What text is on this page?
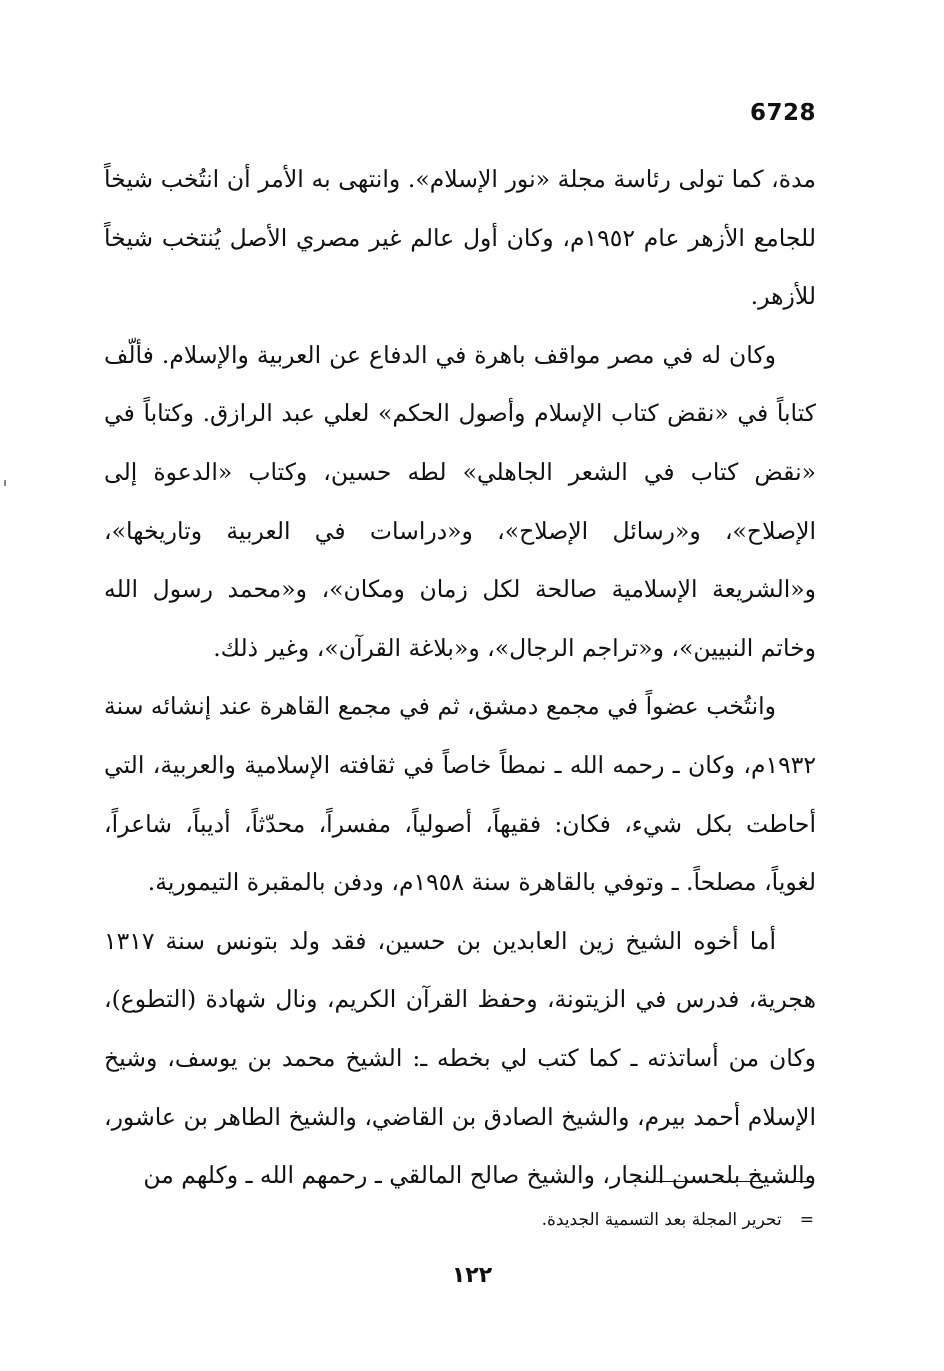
6728

مدة، كما تولى رئاسة مجلة «نور الإسلام». وانتهى به الأمر أن انتُخب شيخاً للجامع الأزهر عام ١٩٥٢م، وكان أول عالم غير مصري الأصل يُنتخب شيخاً للأزهر.

وكان له في مصر مواقف باهرة في الدفاع عن العربية والإسلام. فألّف كتاباً في «نقض كتاب الإسلام وأصول الحكم» لعلي عبد الرازق. وكتاباً في «نقض كتاب في الشعر الجاهلي» لطه حسين، وكتاب «الدعوة إلى الإصلاح»، و«رسائل الإصلاح»، و«دراسات في العربية وتاريخها»، و«الشريعة الإسلامية صالحة لكل زمان ومكان»، و«محمد رسول الله وخاتم النبيين»، و«تراجم الرجال»، و«بلاغة القرآن»، وغير ذلك.

وانتُخب عضواً في مجمع دمشق، ثم في مجمع القاهرة عند إنشائه سنة ١٩٣٢م، وكان ـ رحمه الله ـ نمطاً خاصاً في ثقافته الإسلامية والعربية، التي أحاطت بكل شيء، فكان: فقيهاً، أصولياً، مفسراً، محدّثاً، أديباً، شاعراً، لغوياً، مصلحاً. ـ وتوفي بالقاهرة سنة ١٩٥٨م، ودفن بالمقبرة التيمورية.

أما أخوه الشيخ زين العابدين بن حسين، فقد ولد بتونس سنة ١٣١٧ هجرية، فدرس في الزيتونة، وحفظ القرآن الكريم، ونال شهادة (التطوع)، وكان من أساتذته ـ كما كتب لي بخطه ـ: الشيخ محمد بن يوسف، وشيخ الإسلام أحمد بيرم، والشيخ الصادق بن القاضي، والشيخ الطاهر بن عاشور، والشيخ بلحسن النجار، والشيخ صالح المالقي ـ رحمهم الله ـ وكلهم من

=تحرير المجلة بعد التسمية الجديدة.
١٢٢
